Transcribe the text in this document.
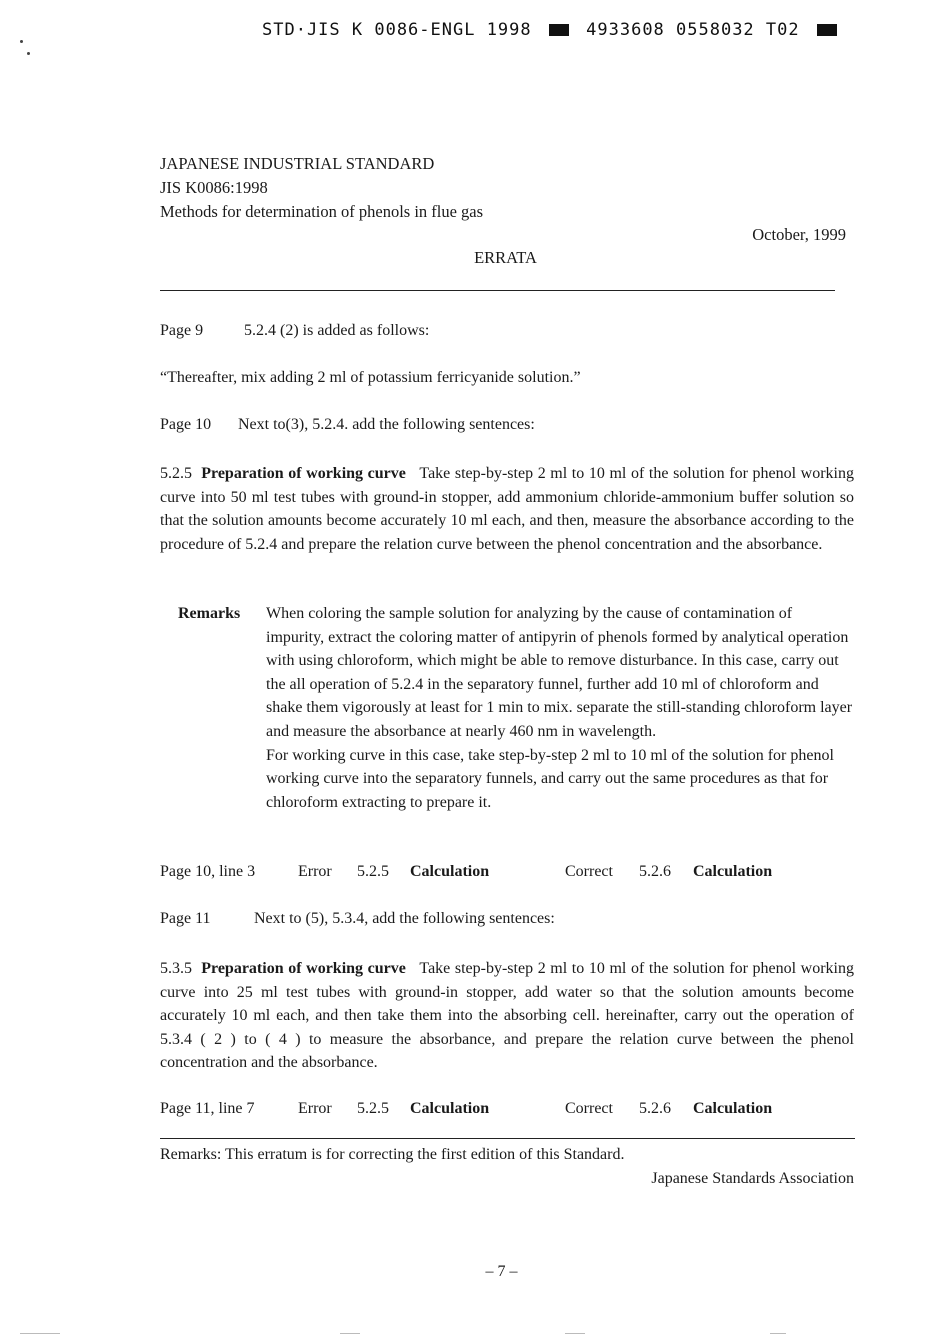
STD·JIS K 0086-ENGL 1998	4933608 0558032 T02
JAPANESE INDUSTRIAL STANDARD
JIS K0086:1998
Methods for determination of phenols in flue gas
October, 1999
ERRATA
Page 9	5.2.4 (2) is added as follows:
“Thereafter, mix adding 2 ml of potassium ferricyanide solution.”
Page 10 Next to(3), 5.2.4. add the following sentences:
5.2.5 Preparation of working curve Take step-by-step 2 ml to 10 ml of the solution for phenol working curve into 50 ml test tubes with ground-in stopper, add ammonium chloride-ammonium buffer solution so that the solution amounts become accurately 10 ml each, and then, measure the absorbance according to the procedure of 5.2.4 and prepare the relation curve between the phenol concentration and the absorbance.
Remarks When coloring the sample solution for analyzing by the cause of contamination of impurity, extract the coloring matter of antipyrin of phenols formed by analytical operation with using chloroform, which might be able to remove disturbance. In this case, carry out the all operation of 5.2.4 in the separatory funnel, further add 10 ml of chloroform and shake them vigorously at least for 1 min to mix. separate the still-standing chloroform layer and measure the absorbance at nearly 460 nm in wavelength.
For working curve in this case, take step-by-step 2 ml to 10 ml of the solution for phenol working curve into the separatory funnels, and carry out the same procedures as that for chloroform extracting to prepare it.
Page 10, line 3	Error 5.2.5 Calculation	Correct 5.2.6 Calculation
Page 11	Next to (5), 5.3.4, add the following sentences:
5.3.5 Preparation of working curve Take step-by-step 2 ml to 10 ml of the solution for phenol working curve into 25 ml test tubes with ground-in stopper, add water so that the solution amounts become accurately 10 ml each, and then take them into the absorbing cell. hereinafter, carry out the operation of 5.3.4 ( 2 ) to ( 4 ) to measure the absorbance, and prepare the relation curve between the phenol concentration and the absorbance.
Page 11, line 7	Error 5.2.5 Calculation	Correct 5.2.6 Calculation
Remarks: This erratum is for correcting the first edition of this Standard.
Japanese Standards Association
– 7 –
